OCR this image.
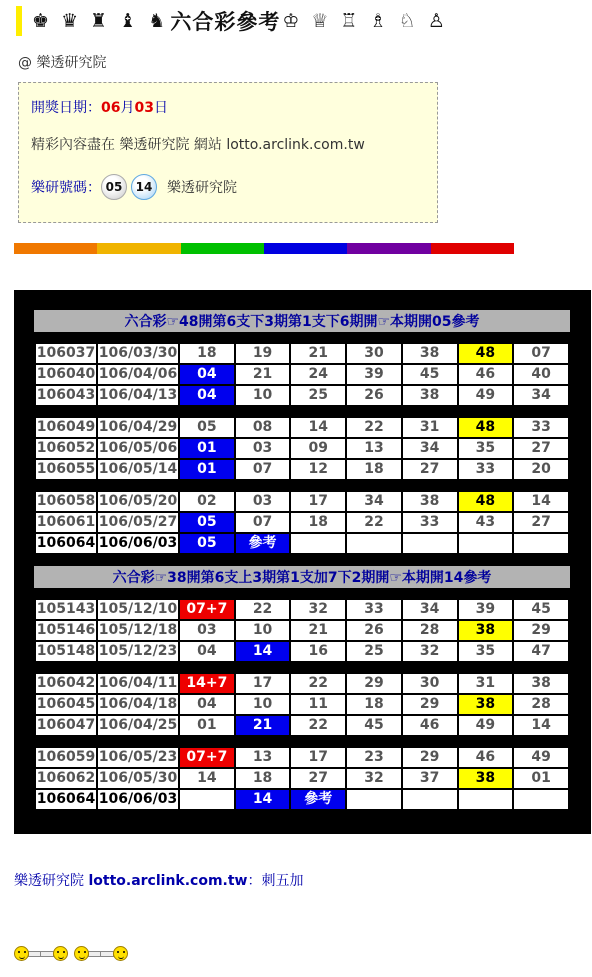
♚ ♛ ♜ ♝ ♞ 六合彩參考 ♔ ♕ ♖ ♗ ♘ ♙
@ 樂透研究院
開獎日期：06月03日
精彩內容盡在 樂透研究院 網站 lotto.arclink.com.tw
樂研號碼： 05	14	樂透研究院
六合彩☞48開第6支下3期第1支下6期開☞本期開05參考
106037	106/03/30	18	19	21	30	38	48	07
106040	106/04/06	04	21	24	39	45	46	40
106043	106/04/13	04	10	25	26	38	49	34
106049	106/04/29	05	08	14	22	31	48	33
106052	106/05/06	01	03	09	13	34	35	27
106055	106/05/14	01	07	12	18	27	33	20
106058	106/05/20	02	03	17	34	38	48	14
106061	106/05/27	05	07	18	22	33	43	27
106064	106/06/03	05	參考					
六合彩☞38開第6支上3期第1支加7下2期開☞本期開14參考
105143	105/12/10	07+7	22	32	33	34	39	45
105146	105/12/18	03	10	21	26	28	38	29
105148	105/12/23	04	14	16	25	32	35	47
106042	106/04/11	14+7	17	22	29	30	31	38
106045	106/04/18	04	10	11	18	29	38	28
106047	106/04/25	01	21	22	45	46	49	14
106059	106/05/23	07+7	13	17	23	29	46	49
106062	106/05/30	14	18	27	32	37	38	01
106064	106/06/03		14	參考				
樂透研究院 lotto.arclink.com.tw：刺五加
